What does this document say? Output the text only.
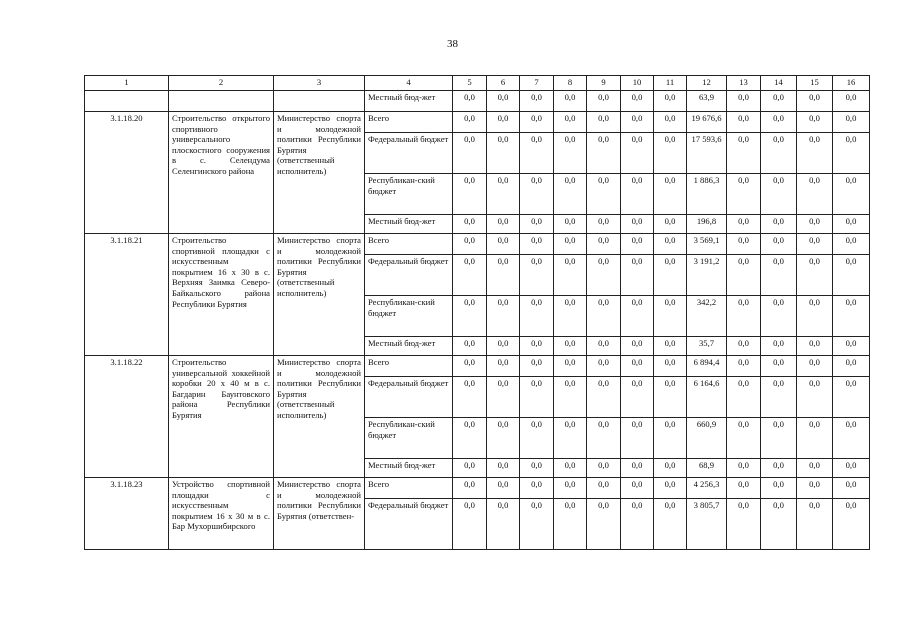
38
1	2	3	4	5	6	7	8	9	10	11	12	13	14	15	16
			Местный бюд-жет	0,0	0,0	0,0	0,0	0,0	0,0	0,0	63,9	0,0	0,0	0,0	0,0
3.1.18.20	Строительство открытого спортивного универсального плоскостного сооружения в с. Селендума Селенгинского района	Министерство спорта и молодежной политики Республики Бурятия (ответственный исполнитель)	Всего	0,0	0,0	0,0	0,0	0,0	0,0	0,0	19 676,6	0,0	0,0	0,0	0,0
			Федеральный бюджет	0,0	0,0	0,0	0,0	0,0	0,0	0,0	17 593,6	0,0	0,0	0,0	0,0
			Республикан-ский бюджет	0,0	0,0	0,0	0,0	0,0	0,0	0,0	1 886,3	0,0	0,0	0,0	0,0
			Местный бюд-жет	0,0	0,0	0,0	0,0	0,0	0,0	0,0	196,8	0,0	0,0	0,0	0,0
3.1.18.21	Строительство спортивной площадки с искусственным покрытием 16 х 30 в с. Верхняя Заимка Северо-Байкальского района Республики Бурятия	Министерство спорта и молодежной политики Республики Бурятия (ответственный исполнитель)	Всего	0,0	0,0	0,0	0,0	0,0	0,0	0,0	3 569,1	0,0	0,0	0,0	0,0
			Федеральный бюджет	0,0	0,0	0,0	0,0	0,0	0,0	0,0	3 191,2	0,0	0,0	0,0	0,0
			Республикан-ский бюджет	0,0	0,0	0,0	0,0	0,0	0,0	0,0	342,2	0,0	0,0	0,0	0,0
			Местный бюд-жет	0,0	0,0	0,0	0,0	0,0	0,0	0,0	35,7	0,0	0,0	0,0	0,0
3.1.18.22	Строительство универсальной хоккейной коробки 20 х 40 м в с. Багдарин Баунтовского района Республики Бурятия	Министерство спорта и молодежной политики Республики Бурятия (ответственный исполнитель)	Всего	0,0	0,0	0,0	0,0	0,0	0,0	0,0	6 894,4	0,0	0,0	0,0	0,0
			Федеральный бюджет	0,0	0,0	0,0	0,0	0,0	0,0	0,0	6 164,6	0,0	0,0	0,0	0,0
			Республикан-ский бюджет	0,0	0,0	0,0	0,0	0,0	0,0	0,0	660,9	0,0	0,0	0,0	0,0
			Местный бюд-жет	0,0	0,0	0,0	0,0	0,0	0,0	0,0	68,9	0,0	0,0	0,0	0,0
3.1.18.23	Устройство спортивной площадки с искусственным покрытием 16 х 30 м в с. Бар Мухоршибирского	Министерство спорта и молодежной политики Республики Бурятия (ответствен-	Всего	0,0	0,0	0,0	0,0	0,0	0,0	0,0	4 256,3	0,0	0,0	0,0	0,0
			Федеральный бюджет	0,0	0,0	0,0	0,0	0,0	0,0	0,0	3 805,7	0,0	0,0	0,0	0,0
